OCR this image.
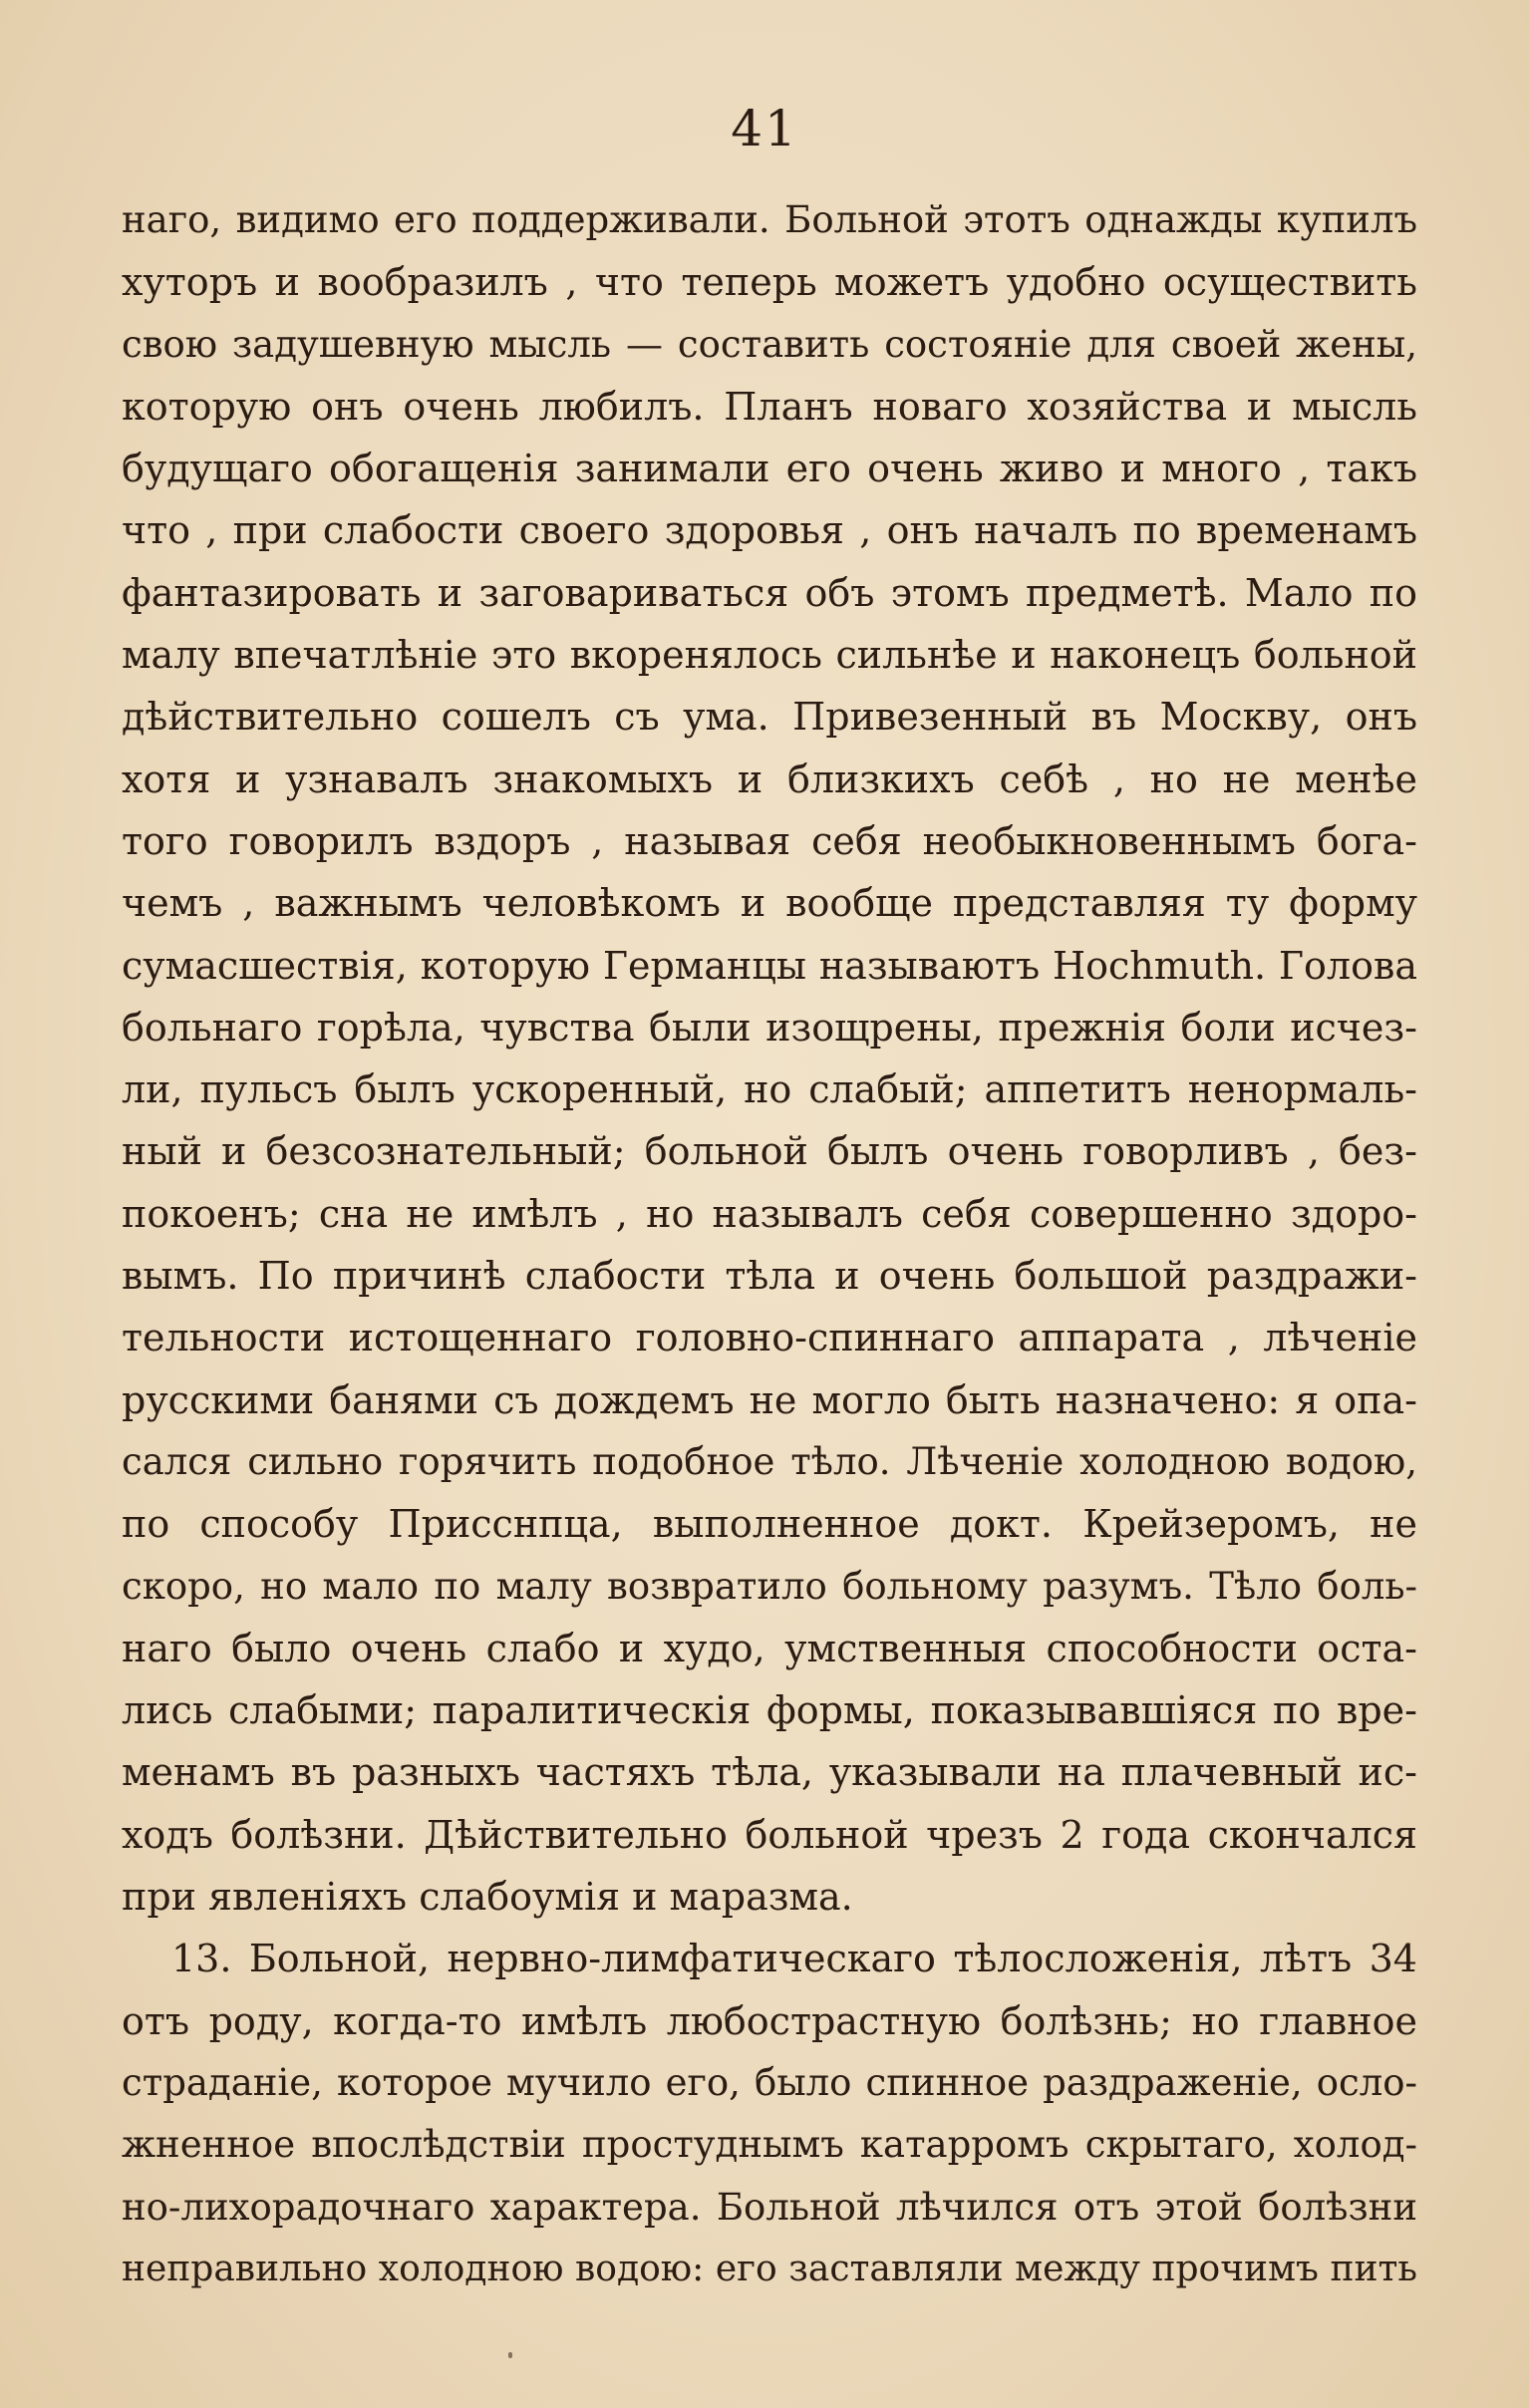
41
наго, видимо его поддерживали. Больной этотъ однажды купилъ
хуторъ и вообразилъ , что теперь можетъ удобно осуществить
свою задушевную мысль — составить состояніе для своей жены,
которую онъ очень любилъ. Планъ новаго хозяйства и мысль
будущаго обогащенія занимали его очень живо и много , такъ
что , при слабости своего здоровья , онъ началъ по временамъ
фантазировать и заговариваться объ этомъ предметѣ. Мало по
малу впечатлѣніе это вкоренялось сильнѣе и наконецъ больной
дѣйствительно сошелъ съ ума. Привезенный въ Москву, онъ
хотя и узнавалъ знакомыхъ и близкихъ себѣ , но не менѣе
того говорилъ вздоръ , называя себя необыкновеннымъ бога-
чемъ , важнымъ человѣкомъ и вообще представляя ту форму
сумасшествія, которую Германцы называютъ Hochmuth. Голова
больнаго горѣла, чувства были изощрены, прежнія боли исчез-
ли, пульсъ былъ ускоренный, но слабый; аппетитъ ненормаль-
ный и безсознательный; больной былъ очень говорливъ , без-
покоенъ; сна не имѣлъ , но называлъ себя совершенно здоро-
вымъ. По причинѣ слабости тѣла и очень большой раздражи-
тельности истощеннаго головно-спиннаго аппарата , лѣченіе
русскими банями съ дождемъ не могло быть назначено: я опа-
сался сильно горячить подобное тѣло. Лѣченіе холодною водою,
по способу Присснпца, выполненное докт. Крейзеромъ, не
скоро, но мало по малу возвратило больному разумъ. Тѣло боль-
наго было очень слабо и худо, умственныя способности оста-
лись слабыми; паралитическія формы, показывавшіяся по вре-
менамъ въ разныхъ частяхъ тѣла, указывали на плачевный ис-
ходъ болѣзни. Дѣйствительно больной чрезъ 2 года скончался
при явленіяхъ слабоумія и маразма.
13. Больной, нервно-лимфатическаго тѣлосложенія, лѣтъ 34
отъ роду, когда-то имѣлъ любострастную болѣзнь; но главное
страданіе, которое мучило его, было спинное раздраженіе, ослo-
жненное впослѣдствіи простуднымъ катарромъ скрытаго, холод-
но-лихорадочнаго характера. Больной лѣчился отъ этой болѣзни
неправильно холодною водою: его заставляли между прочимъ пить
